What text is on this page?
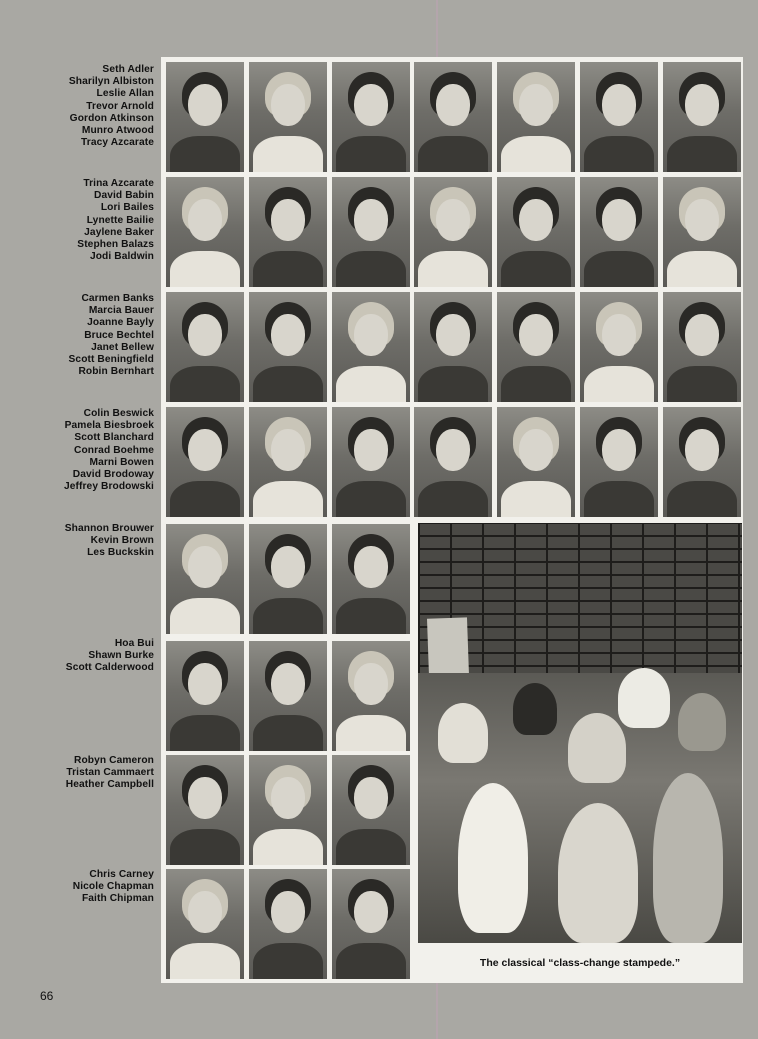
Seth Adler
Sharilyn Albiston
Leslie Allan
Trevor Arnold
Gordon Atkinson
Munro Atwood
Tracy Azcarate
Trina Azcarate
David Babin
Lori Bailes
Lynette Bailie
Jaylene Baker
Stephen Balazs
Jodi Baldwin
Carmen Banks
Marcia Bauer
Joanne Bayly
Bruce Bechtel
Janet Bellew
Scott Beningfield
Robin Bernhart
Colin Beswick
Pamela Biesbroek
Scott Blanchard
Conrad Boehme
Marni Bowen
David Brodoway
Jeffrey Brodowski
Shannon Brouwer
Kevin Brown
Les Buckskin
Hoa Bui
Shawn Burke
Scott Calderwood
Robyn Cameron
Tristan Cammaert
Heather Campbell
Chris Carney
Nicole Chapman
Faith Chipman
The classical “class-change stampede.”
66
